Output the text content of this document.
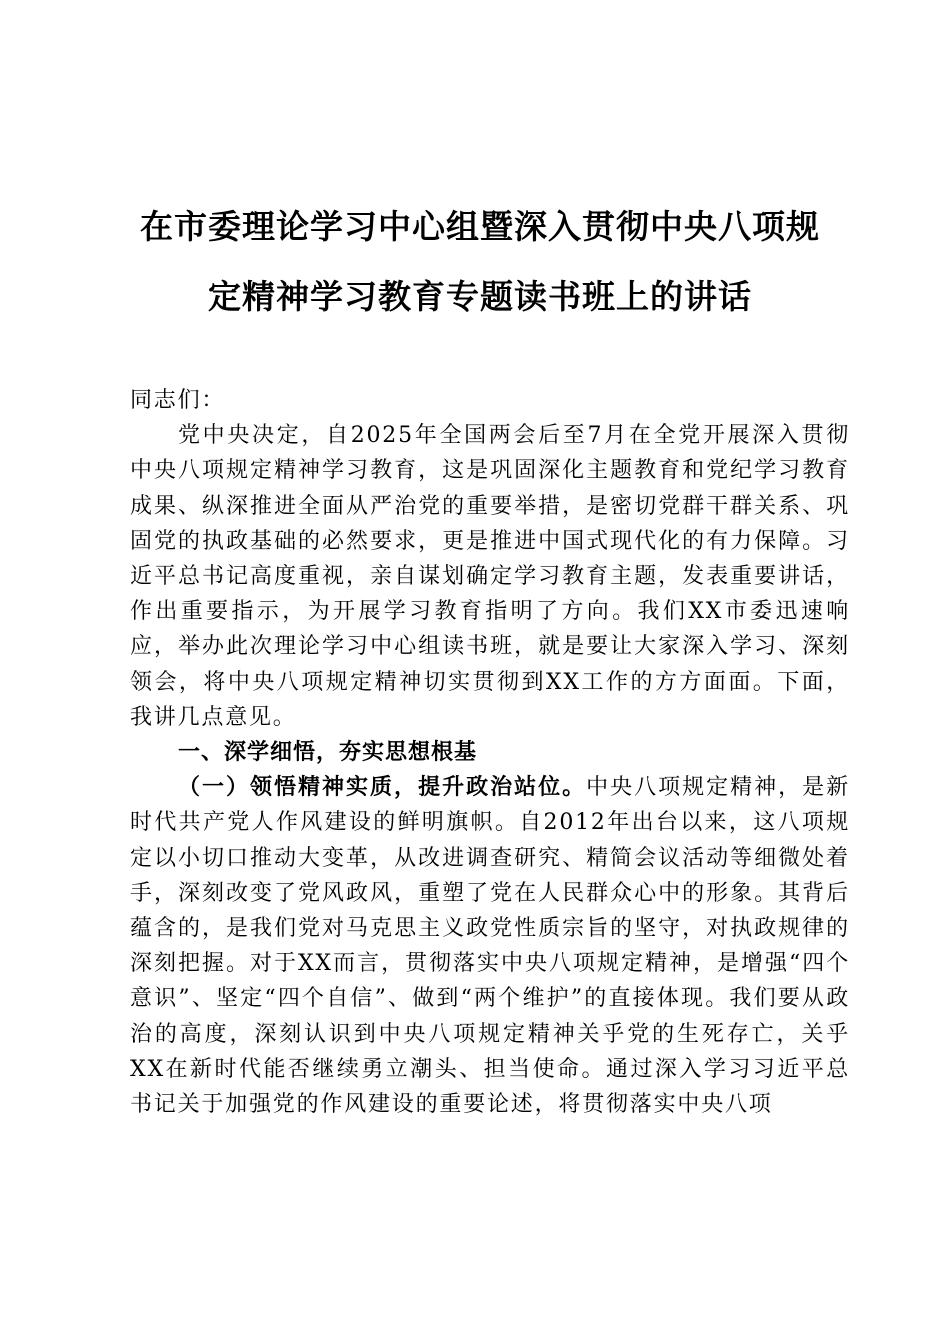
在市委理论学习中心组暨深入贯彻中央八项规
定精神学习教育专题读书班上的讲话

同志们：

党中央决定，自2025年全国两会后至7月在全党开展深入贯彻中央八项规定精神学习教育，这是巩固深化主题教育和党纪学习教育成果、纵深推进全面从严治党的重要举措，是密切党群干群关系、巩固党的执政基础的必然要求，更是推进中国式现代化的有力保障。习近平总书记高度重视，亲自谋划确定学习教育主题，发表重要讲话，作出重要指示，为开展学习教育指明了方向。我们XX市委迅速响应，举办此次理论学习中心组读书班，就是要让大家深入学习、深刻领会，将中央八项规定精神切实贯彻到XX工作的方方面面。下面，我讲几点意见。

一、深学细悟，夯实思想根基

（一）领悟精神实质，提升政治站位。中央八项规定精神，是新时代共产党人作风建设的鲜明旗帜。自2012年出台以来，这八项规定以小切口推动大变革，从改进调查研究、精简会议活动等细微处着手，深刻改变了党风政风，重塑了党在人民群众心中的形象。其背后蕴含的，是我们党对马克思主义政党性质宗旨的坚守，对执政规律的深刻把握。对于XX而言，贯彻落实中央八项规定精神，是增强“四个意识”、坚定“四个自信”、做到“两个维护”的直接体现。我们要从政治的高度，深刻认识到中央八项规定精神关乎党的生死存亡，关乎XX在新时代能否继续勇立潮头、担当使命。通过深入学习习近平总书记关于加强党的作风建设的重要论述，将贯彻落实中央八项
